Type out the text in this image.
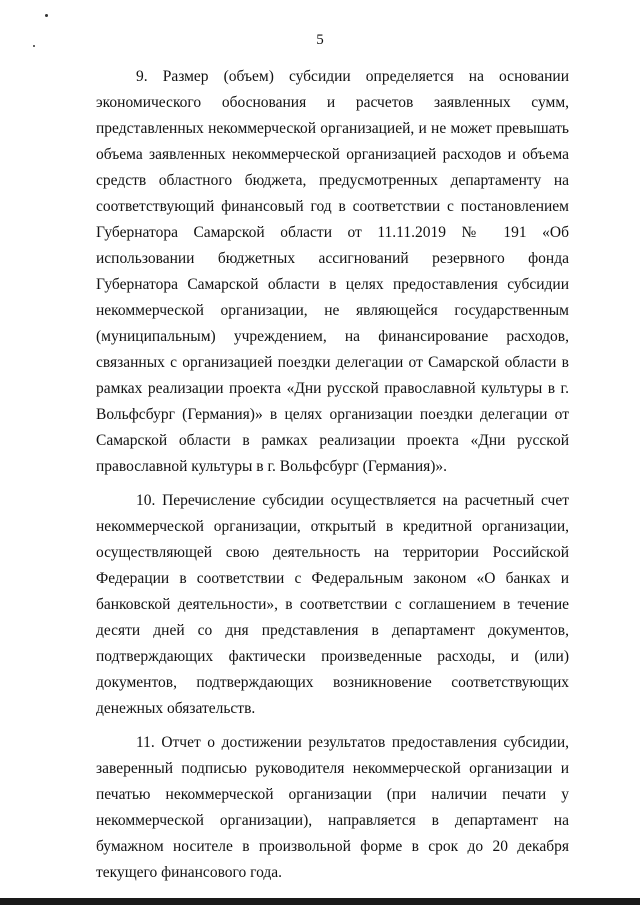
5

9. Размер (объем) субсидии определяется на основании экономического обоснования и расчетов заявленных сумм, представленных некоммерческой организацией, и не может превышать объема заявленных некоммерческой организацией расходов и объема средств областного бюджета, предусмотренных департаменту на соответствующий финансовый год в соответствии с постановлением Губернатора Самарской области от 11.11.2019 № 191 «Об использовании бюджетных ассигнований резервного фонда Губернатора Самарской области в целях предоставления субсидии некоммерческой организации, не являющейся государственным (муниципальным) учреждением, на финансирование расходов, связанных с организацией поездки делегации от Самарской области в рамках реализации проекта «Дни русской православной культуры в г. Вольфсбург (Германия)» в целях организации поездки делегации от Самарской области в рамках реализации проекта «Дни русской православной культуры в г. Вольфсбург (Германия)».

10. Перечисление субсидии осуществляется на расчетный счет некоммерческой организации, открытый в кредитной организации, осуществляющей свою деятельность на территории Российской Федерации в соответствии с Федеральным законом «О банках и банковской деятельности», в соответствии с соглашением в течение десяти дней со дня представления в департамент документов, подтверждающих фактически произведенные расходы, и (или) документов, подтверждающих возникновение соответствующих денежных обязательств.

11. Отчет о достижении результатов предоставления субсидии, заверенный подписью руководителя некоммерческой организации и печатью некоммерческой организации (при наличии печати у некоммерческой организации), направляется в департамент на бумажном носителе в произвольной форме в срок до 20 декабря текущего финансового года.
